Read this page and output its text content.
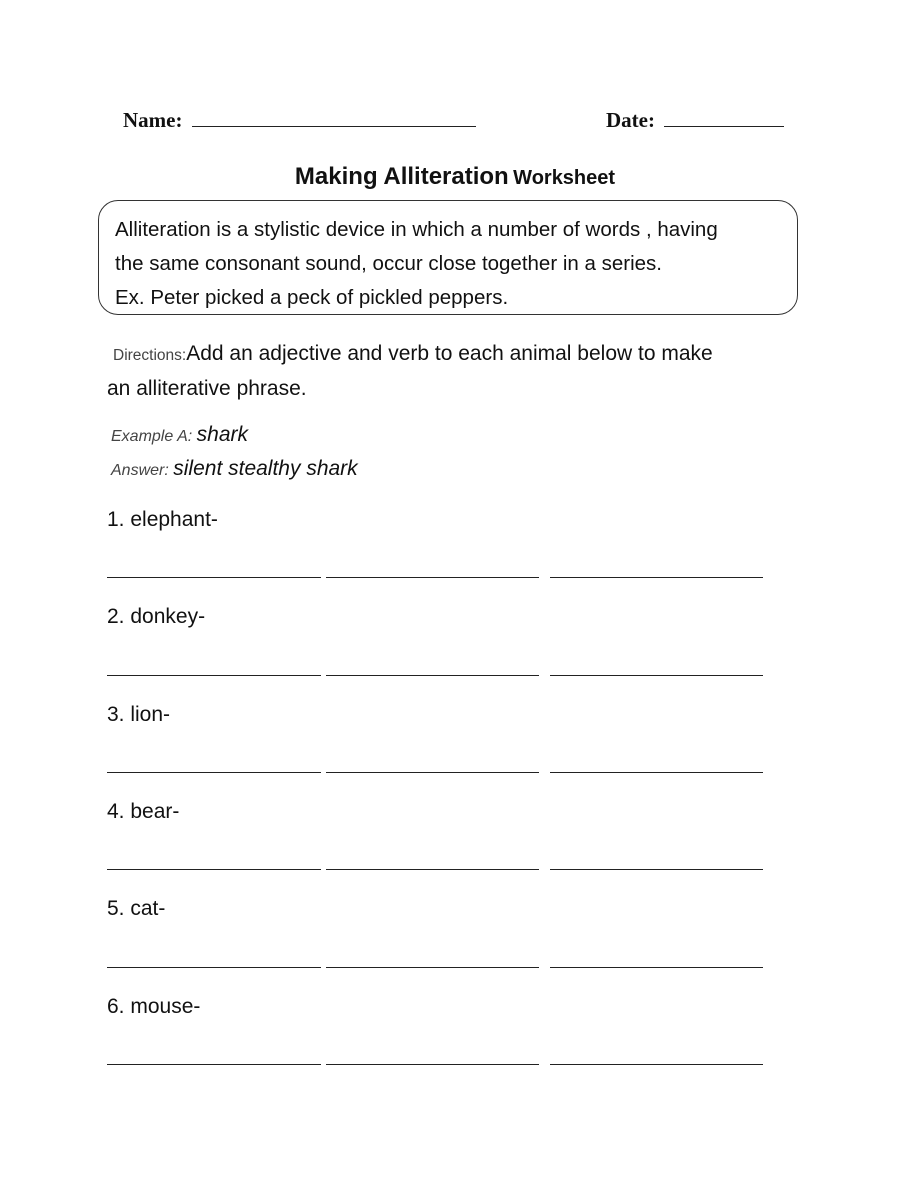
Name:	Date:
Making Alliteration Worksheet
Alliteration is a stylistic device in which a number of words , having
the same consonant sound, occur close together in a series.
Ex. Peter picked a peck of pickled peppers.
Directions:Add an adjective and verb to each animal below to make
an alliterative phrase.
Example A: shark
Answer: silent stealthy shark
1. elephant-
2. donkey-
3. lion-
4. bear-
5. cat-
6. mouse-
